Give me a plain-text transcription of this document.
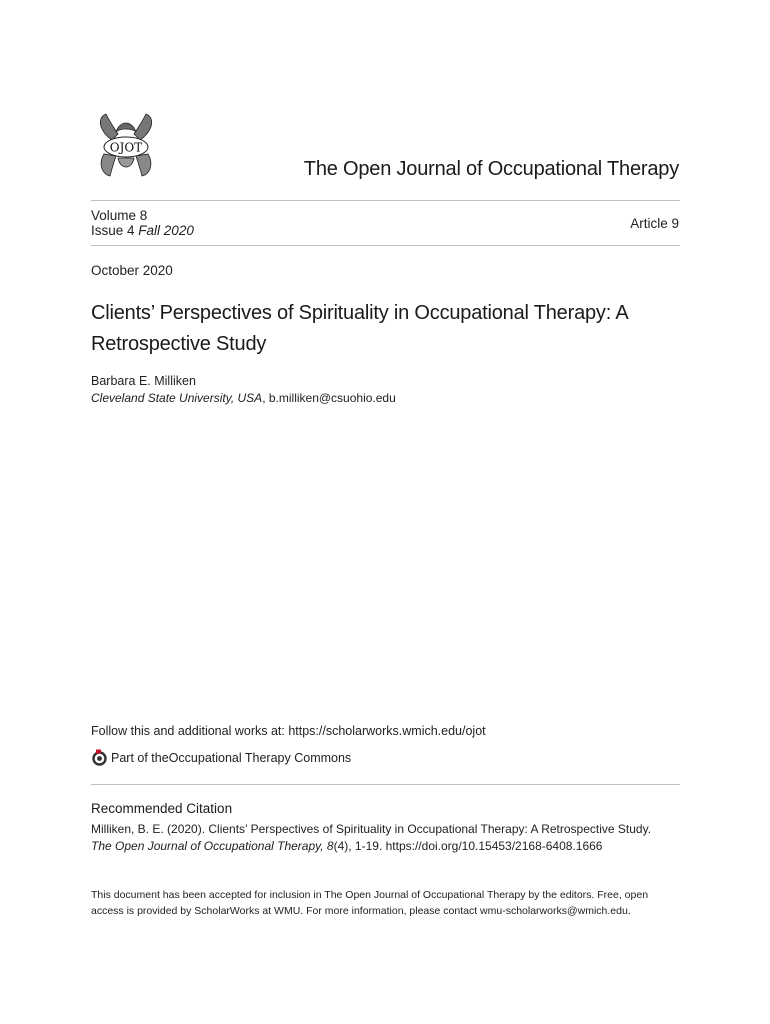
OJOT
The Open Journal of Occupational Therapy
Volume 8
Issue 4 Fall 2020	Article 9
October 2020
Clients’ Perspectives of Spirituality in Occupational Therapy: A Retrospective Study
Barbara E. Milliken
Cleveland State University, USA, b.milliken@csuohio.edu
Follow this and additional works at: https://scholarworks.wmich.edu/ojot
Part of the Occupational Therapy Commons
Recommended Citation
Milliken, B. E. (2020). Clients’ Perspectives of Spirituality in Occupational Therapy: A Retrospective Study.
The Open Journal of Occupational Therapy, 8(4), 1-19. https://doi.org/10.15453/2168-6408.1666
This document has been accepted for inclusion in The Open Journal of Occupational Therapy by the editors. Free, open access is provided by ScholarWorks at WMU. For more information, please contact wmu-scholarworks@wmich.edu.
